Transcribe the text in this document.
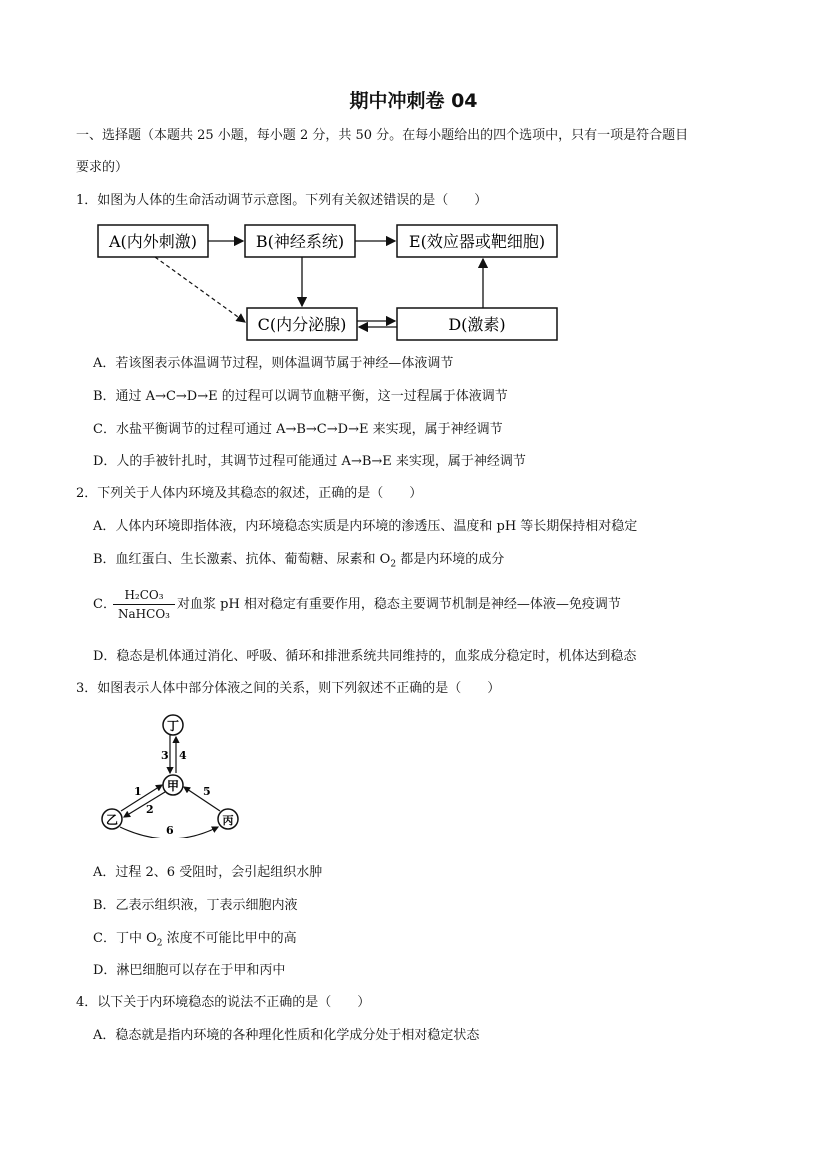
期中冲刺卷 04
一、选择题（本题共 25 小题，每小题 2 分，共 50 分。在每小题给出的四个选项中，只有一项是符合题目
要求的）
1．如图为人体的生命活动调节示意图。下列有关叙述错误的是（　　）
A(内外刺激)	B(神经系统)	E(效应器或靶细胞)
C(内分泌腺)	D(激素)
A．若该图表示体温调节过程，则体温调节属于神经—体液调节
B．通过 A→C→D→E 的过程可以调节血糖平衡，这一过程属于体液调节
C．水盐平衡调节的过程可通过 A→B→C→D→E 来实现，属于神经调节
D．人的手被针扎时，其调节过程可能通过 A→B→E 来实现，属于神经调节
2．下列关于人体内环境及其稳态的叙述，正确的是（　　）
A．人体内环境即指体液，内环境稳态实质是内环境的渗透压、温度和 pH 等长期保持相对稳定
B．血红蛋白、生长激素、抗体、葡萄糖、尿素和 $O_2$ 都是内环境的成分
C．
H₂CO₃
NaHCO₃
对血浆 pH 相对稳定有重要作用，稳态主要调节机制是神经—体液—免疫调节
D．稳态是机体通过消化、呼吸、循环和排泄系统共同维持的，血浆成分稳定时，机体达到稳态
3．如图表示人体中部分体液之间的关系，则下列叙述不正确的是（　　）
丁
甲
乙	丙
3 4
1
2
5
6
A．过程 2、6 受阻时，会引起组织水肿
B．乙表示组织液，丁表示细胞内液
C．丁中 $O_2$ 浓度不可能比甲中的高
D．淋巴细胞可以存在于甲和丙中
4．以下关于内环境稳态的说法不正确的是（　　）
A．稳态就是指内环境的各种理化性质和化学成分处于相对稳定状态
